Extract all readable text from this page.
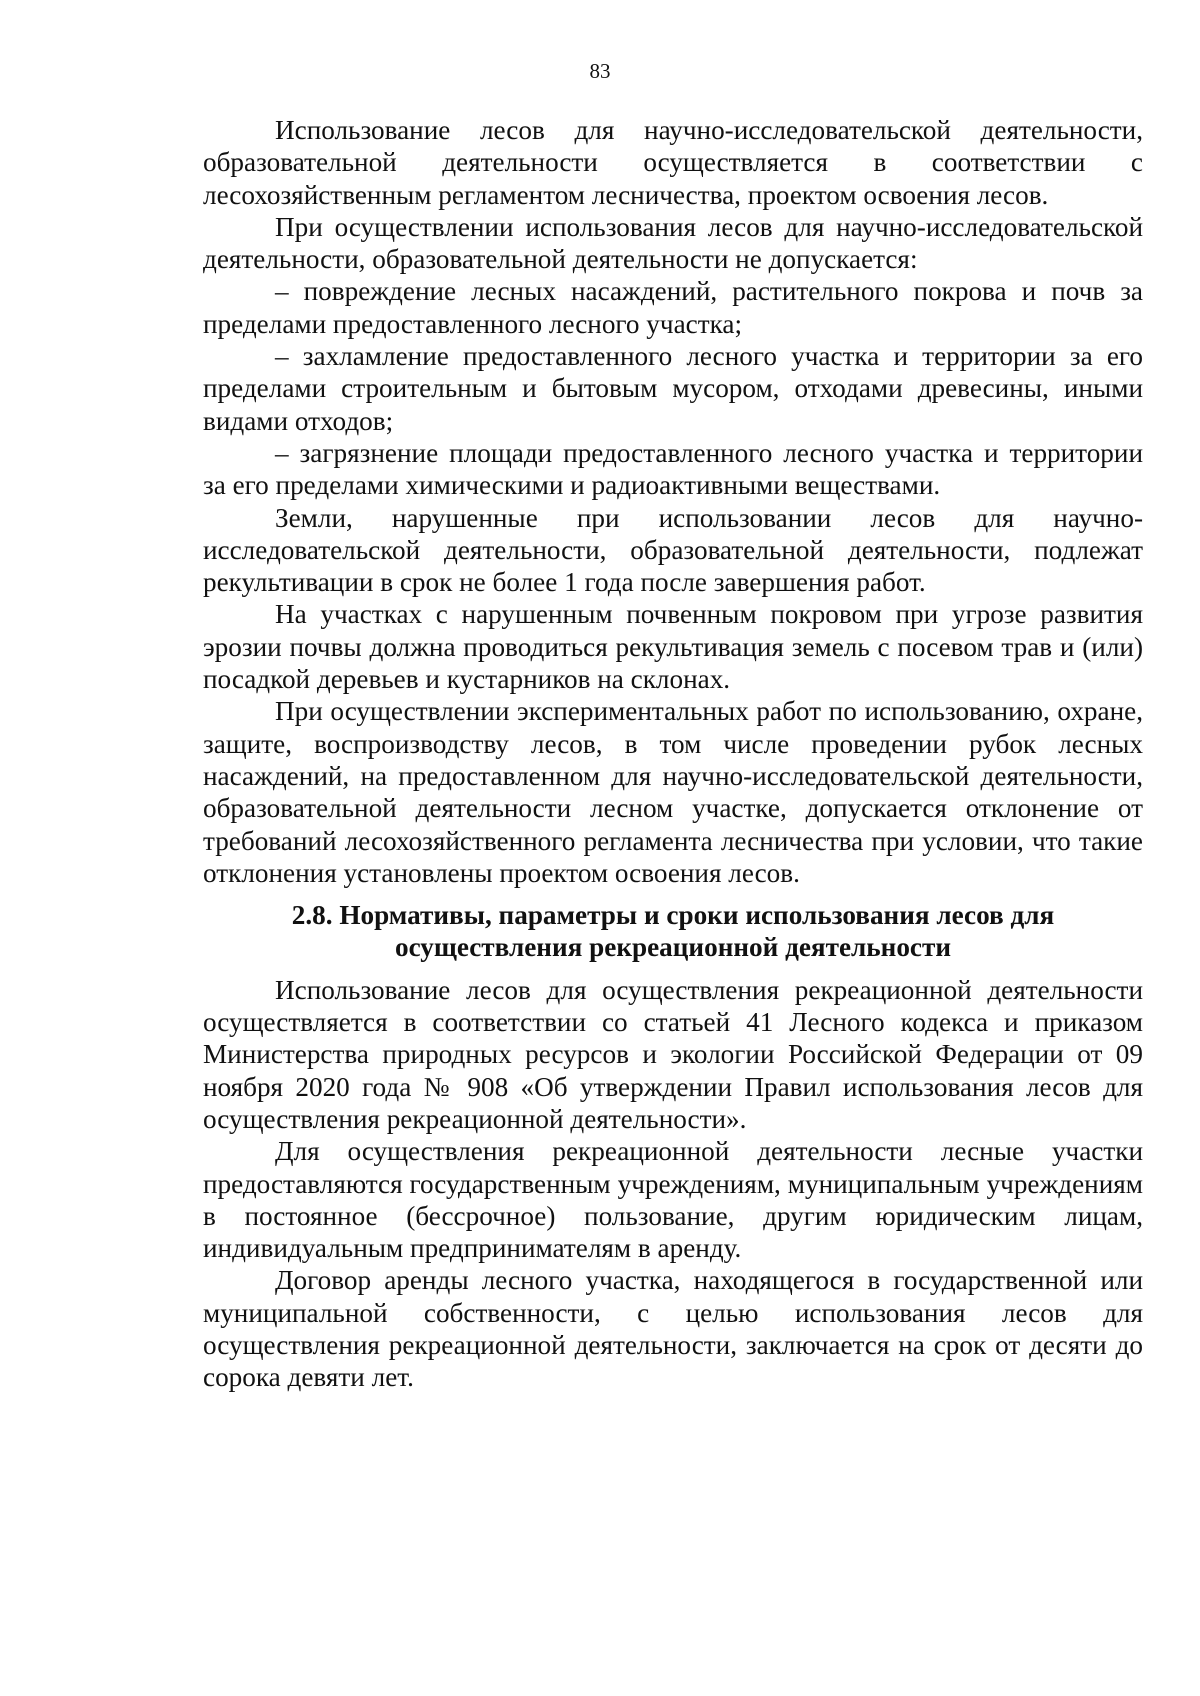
83

Использование лесов для научно-исследовательской деятельности, образовательной деятельности осуществляется в соответствии с лесохозяйственным регламентом лесничества, проектом освоения лесов.

При осуществлении использования лесов для научно-исследовательской деятельности, образовательной деятельности не допускается:

– повреждение лесных насаждений, растительного покрова и почв за пределами предоставленного лесного участка;

– захламление предоставленного лесного участка и территории за его пределами строительным и бытовым мусором, отходами древесины, иными видами отходов;

– загрязнение площади предоставленного лесного участка и территории за его пределами химическими и радиоактивными веществами.

Земли, нарушенные при использовании лесов для научно-исследовательской деятельности, образовательной деятельности, подлежат рекультивации в срок не более 1 года после завершения работ.

На участках с нарушенным почвенным покровом при угрозе развития эрозии почвы должна проводиться рекультивация земель с посевом трав и (или) посадкой деревьев и кустарников на склонах.

При осуществлении экспериментальных работ по использованию, охране, защите, воспроизводству лесов, в том числе проведении рубок лесных насаждений, на предоставленном для научно-исследовательской деятельности, образовательной деятельности лесном участке, допускается отклонение от требований лесохозяйственного регламента лесничества при условии, что такие отклонения установлены проектом освоения лесов.

2.8. Нормативы, параметры и сроки использования лесов для осуществления рекреационной деятельности

Использование лесов для осуществления рекреационной деятельности осуществляется в соответствии со статьей 41 Лесного кодекса и приказом Министерства природных ресурсов и экологии Российской Федерации от 09 ноября 2020 года № 908 «Об утверждении Правил использования лесов для осуществления рекреационной деятельности».

Для осуществления рекреационной деятельности лесные участки предоставляются государственным учреждениям, муниципальным учреждениям в постоянное (бессрочное) пользование, другим юридическим лицам, индивидуальным предпринимателям в аренду.

Договор аренды лесного участка, находящегося в государственной или муниципальной собственности, с целью использования лесов для осуществления рекреационной деятельности, заключается на срок от десяти до сорока девяти лет.
